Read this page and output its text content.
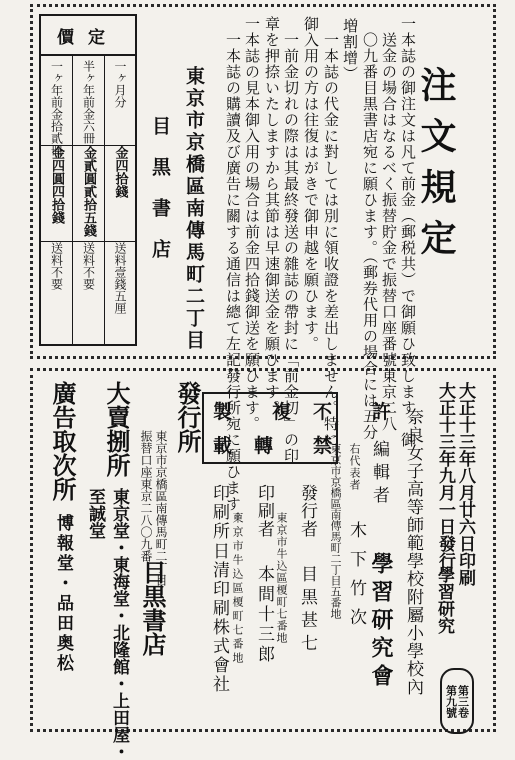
注文規定
一本誌の御注文は凡て前金（郵税共）で御願ひ致します。御
送金の場合はなるべく振替貯金で振替口座番號東京二八
〇九番目黒書店宛に願ひます。（郵券代用の場合には五分
増割增）
一本誌の代金に對しては別に領收證を差出しません。特に
御入用の方は往復はがきで御申越を願ひます。
一前金切れの際は其最終發送の雜誌の帶封に「前金切」の印
章を押捺いたしますから其節は早速御送金を願ひます。
一本誌の見本御入用の場合は前金四拾錢御送を願ひます。
一本誌の購讀及び廣告に關する通信は總て左記發行所宛に願ひます。
東京市京橋區南傳馬町二丁目
目黒書店
價定
一ヶ月分
金四拾錢
送料壹錢五厘
半ヶ年前金六冊
金貳圓貳拾五錢
送料不要
一ヶ年前金拾貳冊
金四圓四拾錢
送料不要
大正十三年八月廿六日印刷
大正十三年九月一日發行
學習研究
第三卷
第九號
奈良女子高等師範學校附屬小學校內
編輯者
學習研究會
右代表者
木下竹次
東京市京橋區南傳馬町二丁目五番地
發行者
目黒甚七
東京市牛込區榎町七番地
印刷者
本間十三郎
東京市牛込區榎町七番地
印刷所
日清印刷株式會社
不許
製複
禁
載轉
發行所
東京市京橋區南傳馬町二丁目
振替口座東京二八〇九番
目黒書店
大賣捌所
東京堂・東海堂・北隆館・上田屋・
至誠堂
廣告取次所
博報堂・品田奥松
